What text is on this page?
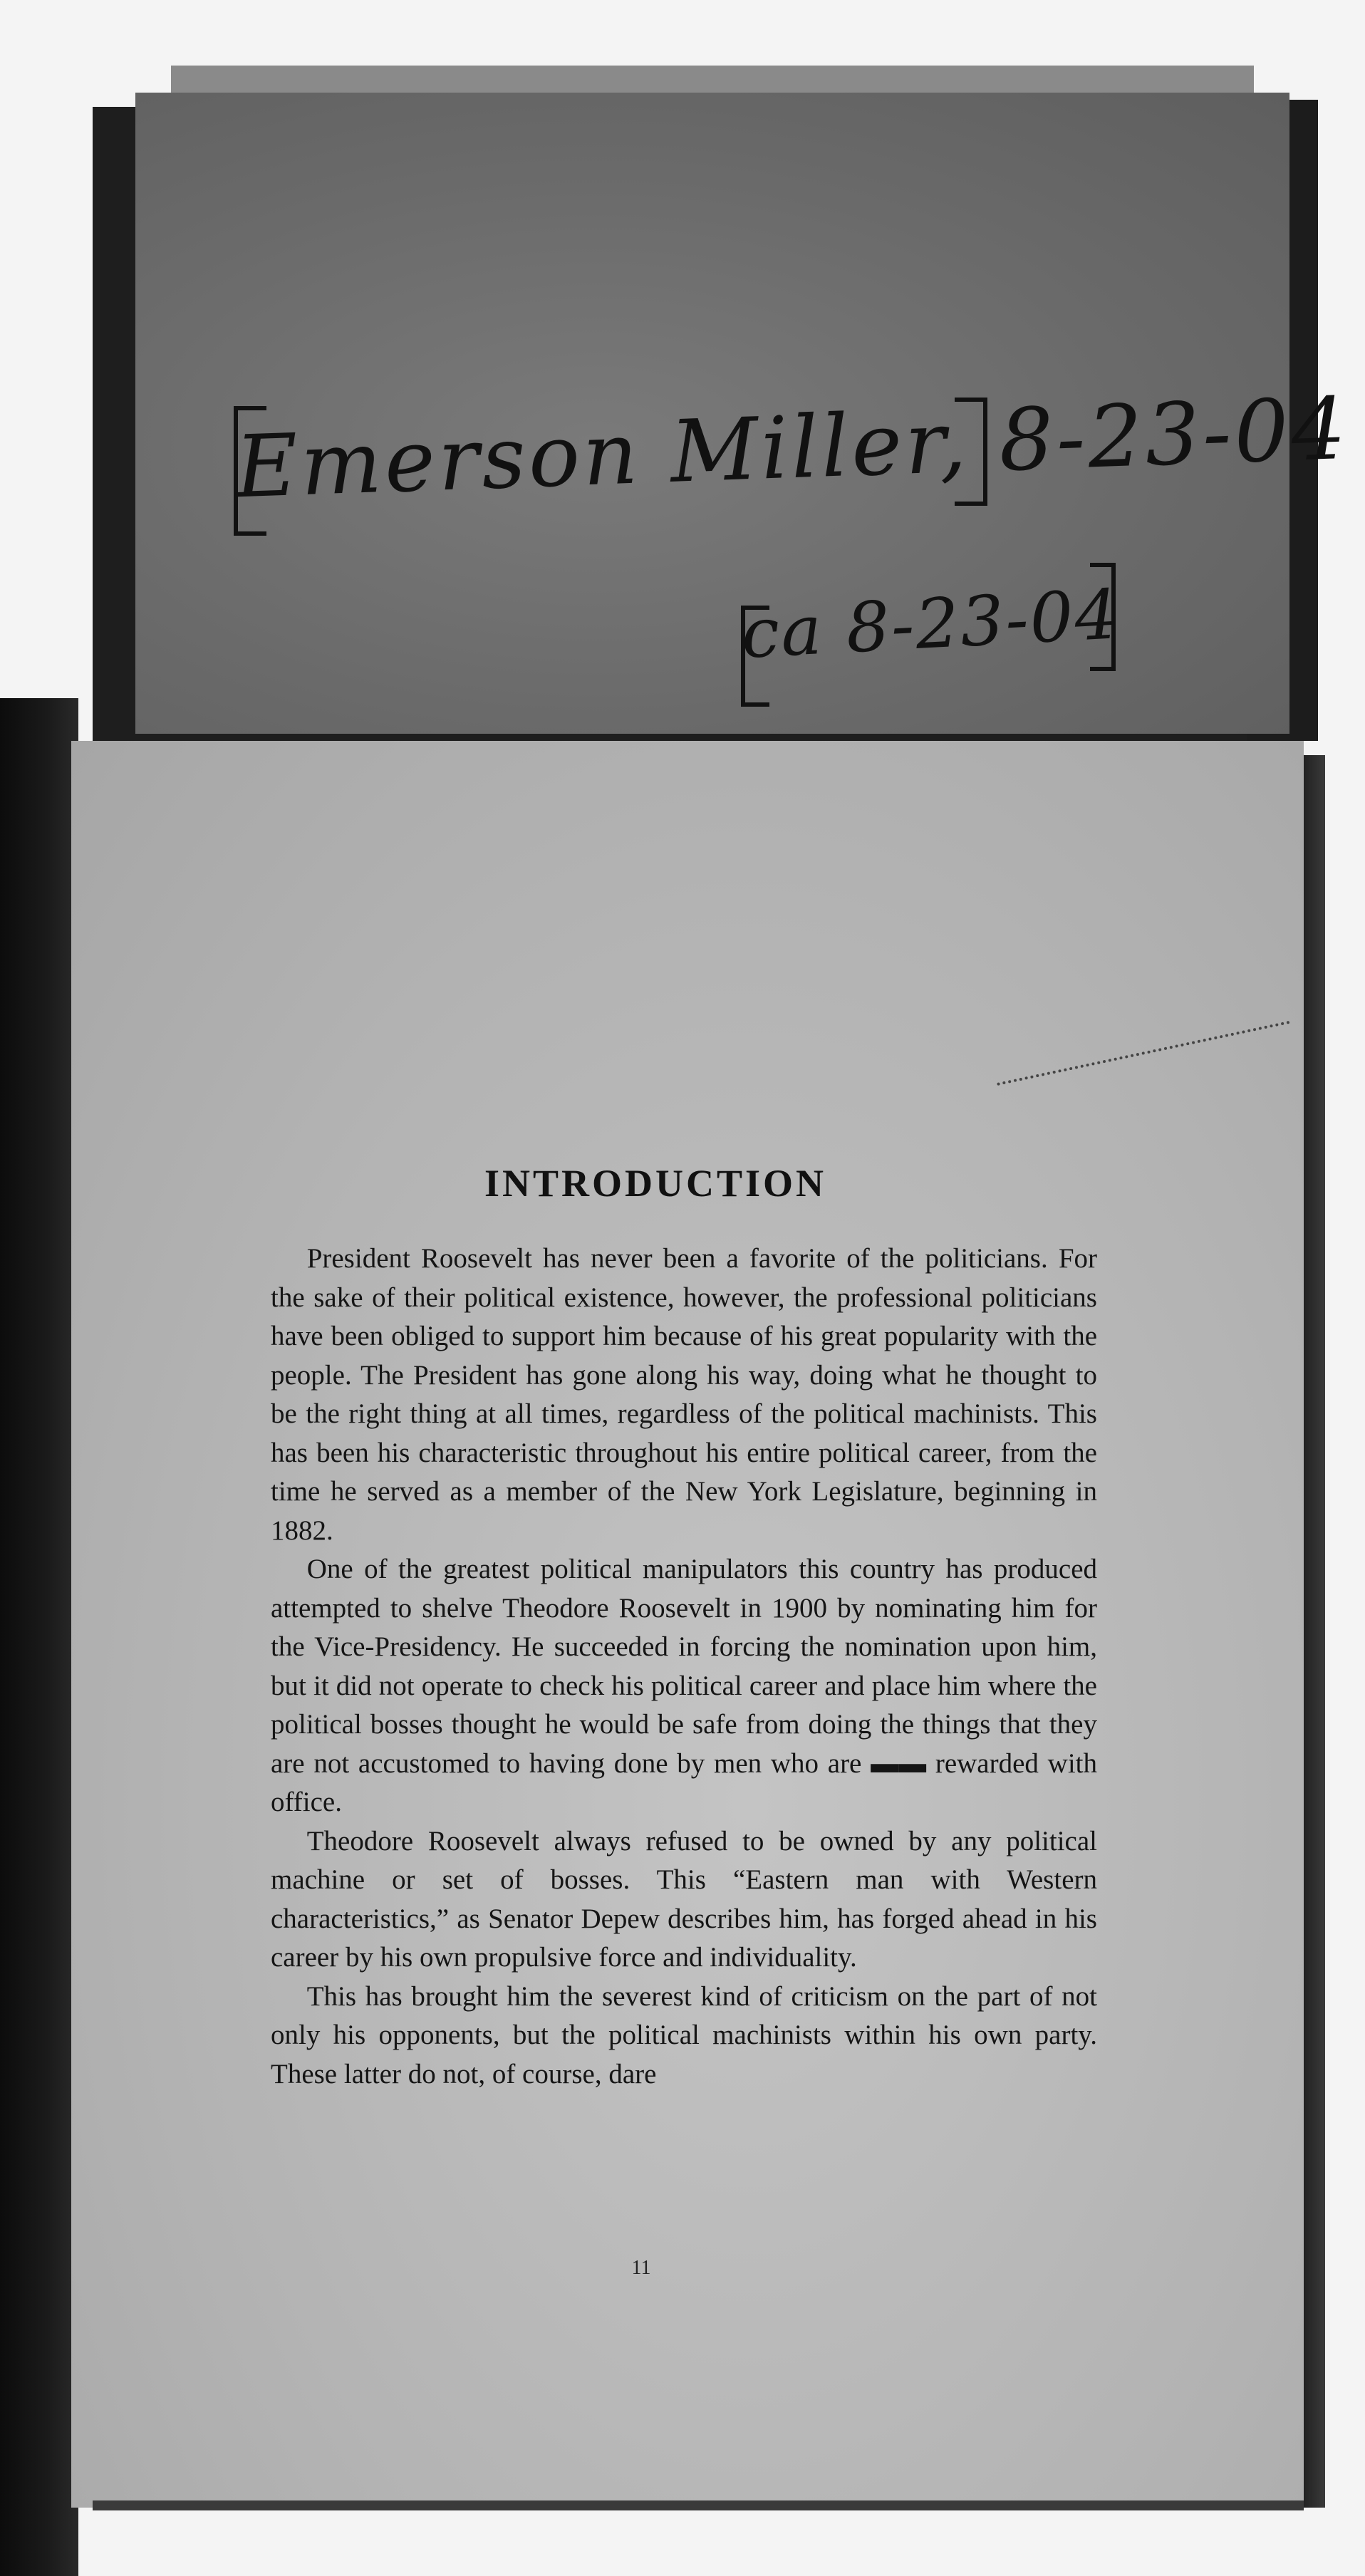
Emerson Miller, 8-23-04
ca 8-23-04
INTRODUCTION

President Roosevelt has never been a favorite of the politicians. For the sake of their political existence, however, the professional politicians have been obliged to support him because of his great popularity with the people. The President has gone along his way, doing what he thought to be the right thing at all times, regardless of the political machinists. This has been his characteristic throughout his entire political career, from the time he served as a member of the New York Legislature, beginning in 1882.

One of the greatest political manipulators this country has produced attempted to shelve Theodore Roosevelt in 1900 by nominating him for the Vice-Presidency. He succeeded in forcing the nomination upon him, but it did not operate to check his political career and place him where the political bosses thought he would be safe from doing the things that they are not accustomed to having done by men who are ▬▬ rewarded with office.

Theodore Roosevelt always refused to be owned by any political machine or set of bosses. This “Eastern man with Western characteristics,” as Senator Depew describes him, has forged ahead in his career by his own propulsive force and individuality.

This has brought him the severest kind of criticism on the part of not only his opponents, but the political machinists within his own party. These latter do not, of course, dare

11
